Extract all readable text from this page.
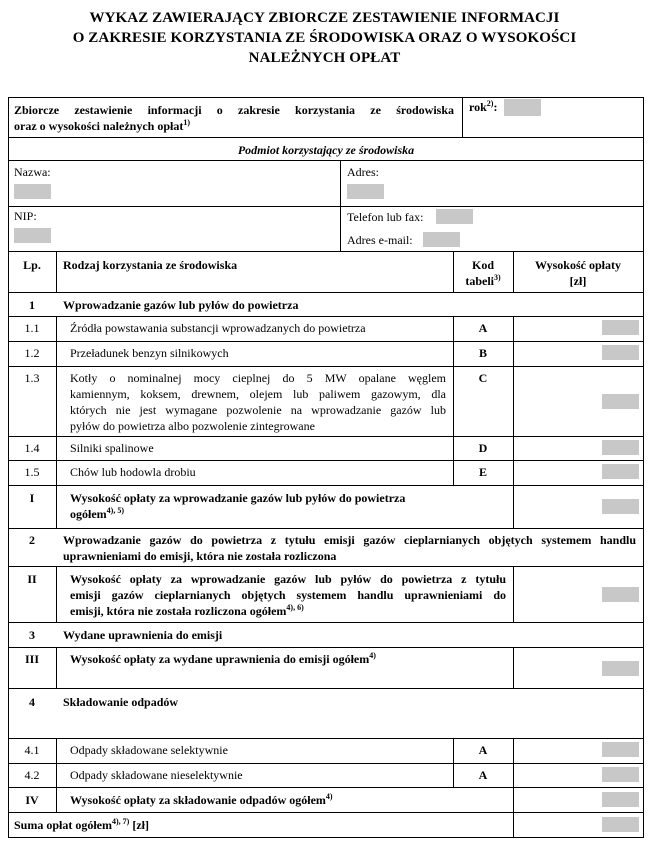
WYKAZ ZAWIERAJĄCY ZBIORCZE ZESTAWIENIE INFORMACJI
O ZAKRESIE KORZYSTANIA ZE ŚRODOWISKA ORAZ O WYSOKOŚCI
NALEŻNYCH OPŁAT
Zbiorcze zestawienie informacji o zakresie korzystania ze środowiska
oraz o wysokości należnych opłat$^{1)}$
rok$^{2)}$:
Podmiot korzystający ze środowiska
Nazwa:	Adres:
NIP:	Telefon lub fax:
Adres e-mail:
Lp.	Rodzaj korzystania ze środowiska	Kod
tabeli$^{3)}$
Wysokość opłaty
[zł]
1	Wprowadzanie gazów lub pyłów do powietrza
1.1	Źródła powstawania substancji wprowadzanych do powietrza	A
1.2	Przeładunek benzyn silnikowych	B
1.3	Kotły o nominalnej mocy cieplnej do 5 MW opalane węglem
kamiennym, koksem, drewnem, olejem lub paliwem gazowym, dla
których nie jest wymagane pozwolenie na wprowadzanie gazów lub
pyłów do powietrza albo pozwolenie zintegrowane
C
1.4	Silniki spalinowe	D
1.5	Chów lub hodowla drobiu	E
I	Wysokość opłaty za wprowadzanie gazów lub pyłów do powietrza
ogółem$^{4), 5)}$
2	Wprowadzanie gazów do powietrza z tytułu emisji gazów cieplarnianych objętych systemem handlu
uprawnieniami do emisji, która nie została rozliczona
II	Wysokość opłaty za wprowadzanie gazów lub pyłów do powietrza z tytułu
emisji gazów cieplarnianych objętych systemem handlu uprawnieniami do
emisji, która nie została rozliczona ogółem$^{4), 6)}$
3	Wydane uprawnienia do emisji
III	Wysokość opłaty za wydane uprawnienia do emisji ogółem$^{4)}$
4	Składowanie odpadów
4.1	Odpady składowane selektywnie	A
4.2	Odpady składowane nieselektywnie	A
IV	Wysokość opłaty za składowanie odpadów ogółem$^{4)}$
Suma opłat ogółem$^{4), 7)}$ [zł]
